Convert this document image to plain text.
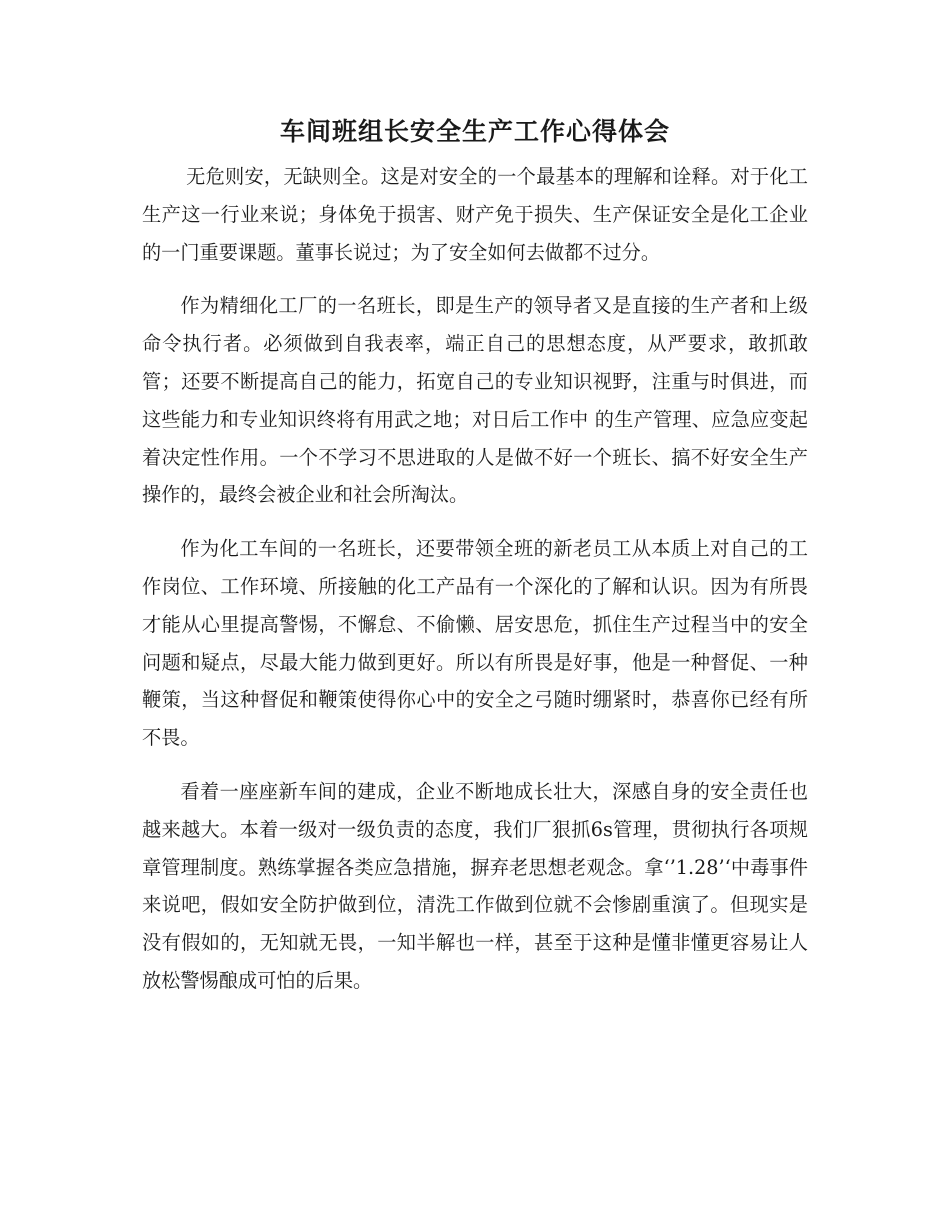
车间班组长安全生产工作心得体会

无危则安，无缺则全。这是对安全的一个最基本的理解和诠释。对于化工生产这一行业来说；身体免于损害、财产免于损失、生产保证安全是化工企业的一门重要课题。董事长说过；为了安全如何去做都不过分。

作为精细化工厂的一名班长，即是生产的领导者又是直接的生产者和上级命令执行者。必须做到自我表率，端正自己的思想态度，从严要求，敢抓敢管；还要不断提高自己的能力，拓宽自己的专业知识视野，注重与时俱进，而这些能力和专业知识终将有用武之地；对日后工作中 的生产管理、应急应变起着决定性作用。一个不学习不思进取的人是做不好一个班长、搞不好安全生产操作的，最终会被企业和社会所淘汰。

作为化工车间的一名班长，还要带领全班的新老员工从本质上对自己的工作岗位、工作环境、所接触的化工产品有一个深化的了解和认识。因为有所畏才能从心里提高警惕，不懈怠、不偷懒、居安思危，抓住生产过程当中的安全问题和疑点，尽最大能力做到更好。所以有所畏是好事，他是一种督促、一种鞭策，当这种督促和鞭策使得你心中的安全之弓随时绷紧时，恭喜你已经有所不畏。

看着一座座新车间的建成，企业不断地成长壮大，深感自身的安全责任也越来越大。本着一级对一级负责的态度，我们厂狠抓6s管理，贯彻执行各项规章管理制度。熟练掌握各类应急措施，摒弃老思想老观念。拿‘’1.28’‘中毒事件来说吧，假如安全防护做到位，清洗工作做到位就不会惨剧重演了。但现实是没有假如的，无知就无畏，一知半解也一样，甚至于这种是懂非懂更容易让人放松警惕酿成可怕的后果。
